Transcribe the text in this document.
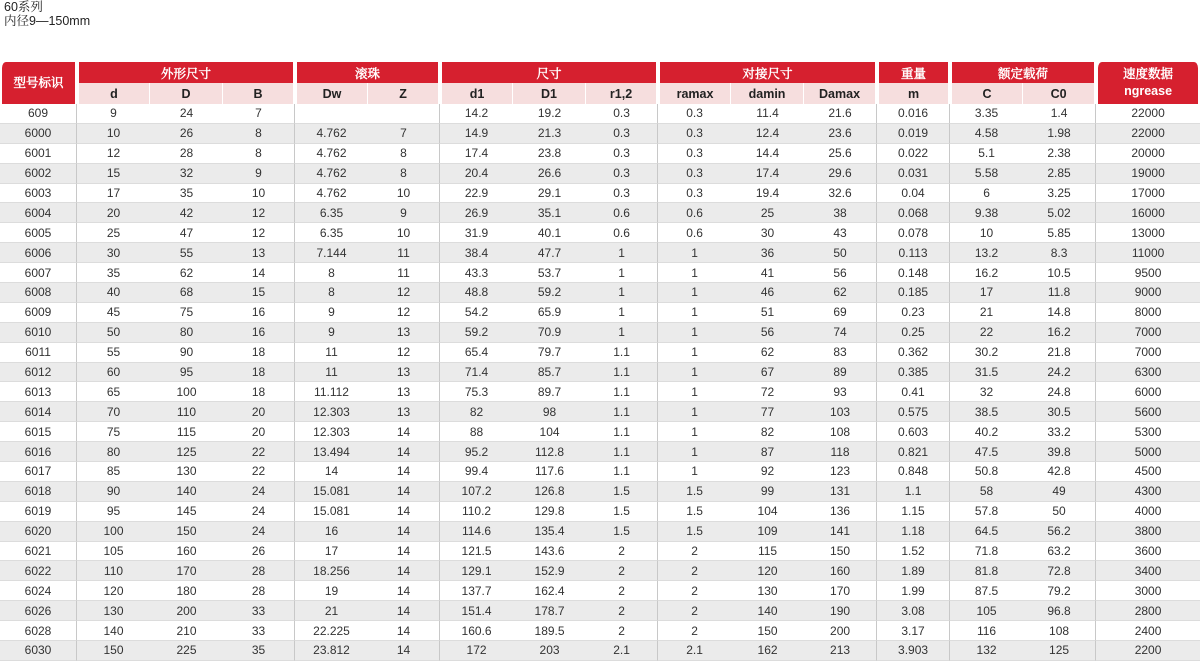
60系列
内径9—150mm
型号标识	外形尺寸			滚珠		尺寸			对接尺寸			重量	额定载荷		速度数据
ngrease

	d	D	B	Dw	Z	d1	D1	r1,2	ramax	damin	Damax	m	C	C0	
609	9	24	7			14.2	19.2	0.3	0.3	11.4	21.6	0.016	3.35	1.4	22000
6000	10	26	8	4.762	7	14.9	21.3	0.3	0.3	12.4	23.6	0.019	4.58	1.98	22000
6001	12	28	8	4.762	8	17.4	23.8	0.3	0.3	14.4	25.6	0.022	5.1	2.38	20000
6002	15	32	9	4.762	8	20.4	26.6	0.3	0.3	17.4	29.6	0.031	5.58	2.85	19000
6003	17	35	10	4.762	10	22.9	29.1	0.3	0.3	19.4	32.6	0.04	6	3.25	17000
6004	20	42	12	6.35	9	26.9	35.1	0.6	0.6	25	38	0.068	9.38	5.02	16000
6005	25	47	12	6.35	10	31.9	40.1	0.6	0.6	30	43	0.078	10	5.85	13000
6006	30	55	13	7.144	11	38.4	47.7	1	1	36	50	0.113	13.2	8.3	11000
6007	35	62	14	8	11	43.3	53.7	1	1	41	56	0.148	16.2	10.5	9500
6008	40	68	15	8	12	48.8	59.2	1	1	46	62	0.185	17	11.8	9000
6009	45	75	16	9	12	54.2	65.9	1	1	51	69	0.23	21	14.8	8000
6010	50	80	16	9	13	59.2	70.9	1	1	56	74	0.25	22	16.2	7000
6011	55	90	18	11	12	65.4	79.7	1.1	1	62	83	0.362	30.2	21.8	7000
6012	60	95	18	11	13	71.4	85.7	1.1	1	67	89	0.385	31.5	24.2	6300
6013	65	100	18	11.112	13	75.3	89.7	1.1	1	72	93	0.41	32	24.8	6000
6014	70	110	20	12.303	13	82	98	1.1	1	77	103	0.575	38.5	30.5	5600
6015	75	115	20	12.303	14	88	104	1.1	1	82	108	0.603	40.2	33.2	5300
6016	80	125	22	13.494	14	95.2	112.8	1.1	1	87	118	0.821	47.5	39.8	5000
6017	85	130	22	14	14	99.4	117.6	1.1	1	92	123	0.848	50.8	42.8	4500
6018	90	140	24	15.081	14	107.2	126.8	1.5	1.5	99	131	1.1	58	49	4300
6019	95	145	24	15.081	14	110.2	129.8	1.5	1.5	104	136	1.15	57.8	50	4000
6020	100	150	24	16	14	114.6	135.4	1.5	1.5	109	141	1.18	64.5	56.2	3800
6021	105	160	26	17	14	121.5	143.6	2	2	115	150	1.52	71.8	63.2	3600
6022	110	170	28	18.256	14	129.1	152.9	2	2	120	160	1.89	81.8	72.8	3400
6024	120	180	28	19	14	137.7	162.4	2	2	130	170	1.99	87.5	79.2	3000
6026	130	200	33	21	14	151.4	178.7	2	2	140	190	3.08	105	96.8	2800
6028	140	210	33	22.225	14	160.6	189.5	2	2	150	200	3.17	116	108	2400
6030	150	225	35	23.812	14	172	203	2.1	2.1	162	213	3.903	132	125	2200
